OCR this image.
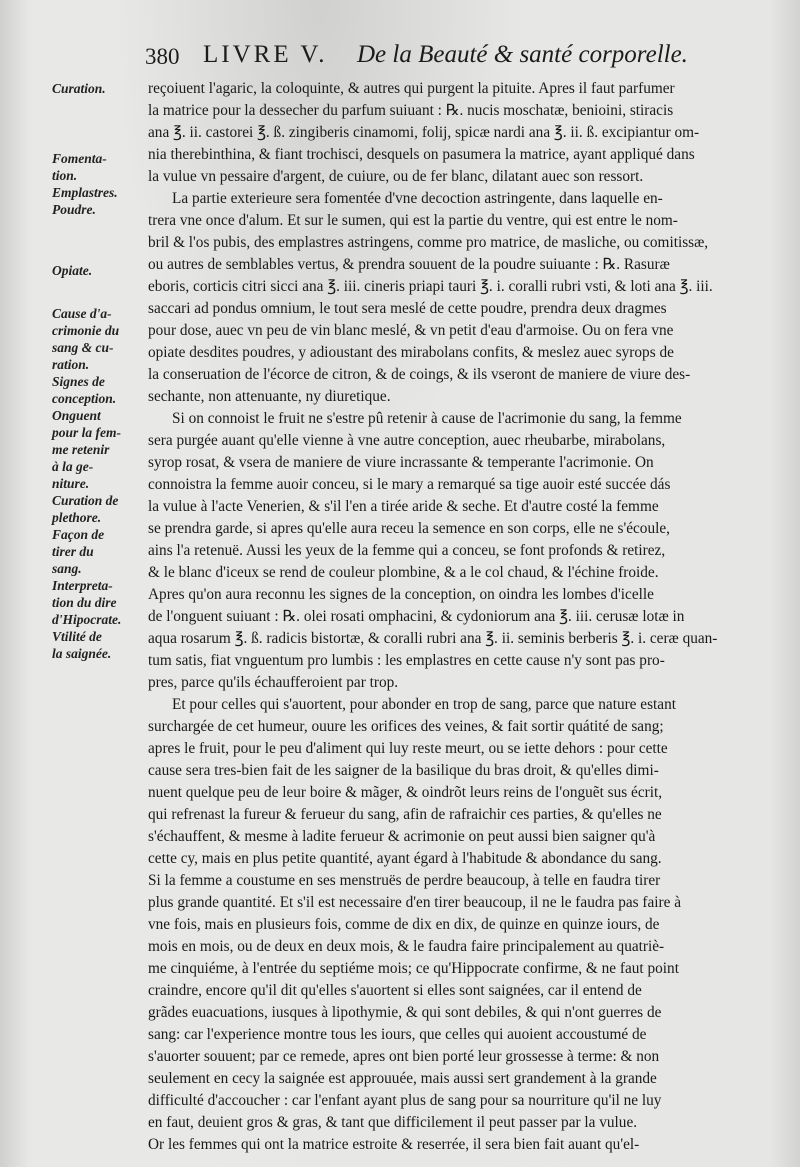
380 LIVRE V. De la Beauté & santé corporelle.
Curation.
Fomenta-
tion.
Emplastres.
Poudre.
Opiate.
Cause d'a-
crimonie du
sang & cu-
ration.
Signes de
conception.
Onguent
pour la fem-
me retenir
à la ge-
niture.
Curation de
plethore.
Façon de
tirer du
sang.
Interpreta-
tion du dire
d'Hipocrate.
Vtilité de
la saignée.
reçoiuent l'agaric, la coloquinte, & autres qui purgent la pituite. Apres il faut parfumer
la matrice pour la dessecher du parfum suiuant : ℞. nucis moschatæ, benioini, stiracis
ana ℥. ii. castorei ℥. ß. zingiberis cinamomi, folij, spicæ nardi ana ℥. ii. ß. excipiantur om-
nia therebinthina, & fiant trochisci, desquels on pasumera la matrice, ayant appliqué dans
la vulue vn pessaire d'argent, de cuiure, ou de fer blanc, dilatant auec son ressort.
La partie exterieure sera fomentée d'vne decoction astringente, dans laquelle en-
trera vne once d'alum. Et sur le sumen, qui est la partie du ventre, qui est entre le nom-
bril & l'os pubis, des emplastres astringens, comme pro matrice, de masliche, ou comitissæ,
ou autres de semblables vertus, & prendra souuent de la poudre suiuante : ℞. Rasuræ
eboris, corticis citri sicci ana ℥. iii. cineris priapi tauri ℥. i. coralli rubri vsti, & loti ana ℥. iii.
saccari ad pondus omnium, le tout sera meslé de cette poudre, prendra deux dragmes
pour dose, auec vn peu de vin blanc meslé, & vn petit d'eau d'armoise. Ou on fera vne
opiate desdites poudres, y adioustant des mirabolans confits, & meslez auec syrops de
la conseruation de l'écorce de citron, & de coings, & ils vseront de maniere de viure des-
sechante, non attenuante, ny diuretique.
Si on connoist le fruit ne s'estre pû retenir à cause de l'acrimonie du sang, la femme
sera purgée auant qu'elle vienne à vne autre conception, auec rheubarbe, mirabolans,
syrop rosat, & vsera de maniere de viure incrassante & temperante l'acrimonie. On
connoistra la femme auoir conceu, si le mary a remarqué sa tige auoir esté succée dás
la vulue à l'acte Venerien, & s'il l'en a tirée aride & seche. Et d'autre costé la femme
se prendra garde, si apres qu'elle aura receu la semence en son corps, elle ne s'écoule,
ains l'a retenuë. Aussi les yeux de la femme qui a conceu, se font profonds & retirez,
& le blanc d'iceux se rend de couleur plombine, & a le col chaud, & l'échine froide.
Apres qu'on aura reconnu les signes de la conception, on oindra les lombes d'icelle
de l'onguent suiuant : ℞. olei rosati omphacini, & cydoniorum ana ℥. iii. cerusæ lotæ in
aqua rosarum ℥. ß. radicis bistortæ, & coralli rubri ana ℥. ii. seminis berberis ℥. i. ceræ quan-
tum satis, fiat vnguentum pro lumbis : les emplastres en cette cause n'y sont pas pro-
pres, parce qu'ils échaufferoient par trop.
Et pour celles qui s'auortent, pour abonder en trop de sang, parce que nature estant
surchargée de cet humeur, ouure les orifices des veines, & fait sortir quátité de sang;
apres le fruit, pour le peu d'aliment qui luy reste meurt, ou se iette dehors : pour cette
cause sera tres-bien fait de les saigner de la basilique du bras droit, & qu'elles dimi-
nuent quelque peu de leur boire & mãger, & oindrõt leurs reins de l'onguẽt sus écrit,
qui refrenast la fureur & ferueur du sang, afin de rafraichir ces parties, & qu'elles ne
s'échauffent, & mesme à ladite ferueur & acrimonie on peut aussi bien saigner qu'à
cette cy, mais en plus petite quantité, ayant égard à l'habitude & abondance du sang.
Si la femme a coustume en ses menstruës de perdre beaucoup, à telle en faudra tirer
plus grande quantité. Et s'il est necessaire d'en tirer beaucoup, il ne le faudra pas faire à
vne fois, mais en plusieurs fois, comme de dix en dix, de quinze en quinze iours, de
mois en mois, ou de deux en deux mois, & le faudra faire principalement au quatriè-
me cinquiéme, à l'entrée du septiéme mois; ce qu'Hippocrate confirme, & ne faut point
craindre, encore qu'il dit qu'elles s'auortent si elles sont saignées, car il entend de
grãdes euacuations, iusques à lipothymie, & qui sont debiles, & qui n'ont guerres de
sang: car l'experience montre tous les iours, que celles qui auoient accoustumé de
s'auorter souuent; par ce remede, apres ont bien porté leur grossesse à terme: & non
seulement en cecy la saignée est approuuée, mais aussi sert grandement à la grande
difficulté d'accoucher : car l'enfant ayant plus de sang pour sa nourriture qu'il ne luy
en faut, deuient gros & gras, & tant que difficilement il peut passer par la vulue.
Or les femmes qui ont la matrice estroite & reserrée, il sera bien fait auant qu'el-
